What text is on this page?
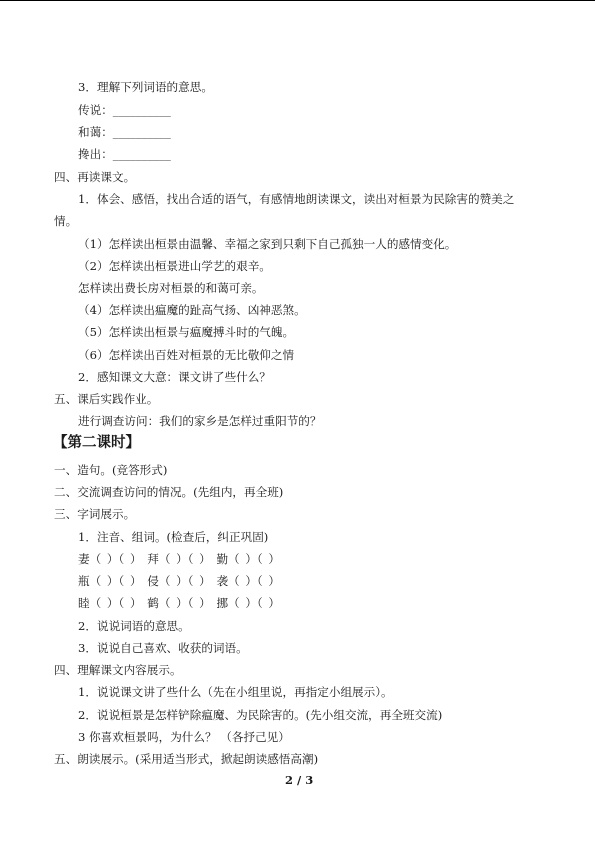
3．理解下列词语的意思。
传说：__________
和蔼：__________
搀出：__________
四、再读课文。
1．体会、感悟，找出合适的语气，有感情地朗读课文，读出对桓景为民除害的赞美之
情。
（1）怎样读出桓景由温馨、幸福之家到只剩下自己孤独一人的感情变化。
（2）怎样读出桓景进山学艺的艰辛。
怎样读出费长房对桓景的和蔼可亲。
（4）怎样读出瘟魔的趾高气扬、凶神恶煞。
（5）怎样读出桓景与瘟魔搏斗时的气魄。
（6）怎样读出百姓对桓景的无比敬仰之情
2．感知课文大意：课文讲了些什么？
五、课后实践作业。
进行调查访问：我们的家乡是怎样过重阳节的？
【第二课时】
一、造句。(竞答形式)
二、交流调查访问的情况。(先组内，再全班)
三、字词展示。
1．注音、组词。(检查后，纠正巩固)
妻（ ）（ ） 拜（ ）（ ） 勤（ ）（ ）
瓶（ ）（ ） 侵（ ）（ ） 袭（ ）（ ）
睦（ ）（ ） 鹤（ ）（ ） 挪（ ）（ ）
2．说说词语的意思。
3．说说自己喜欢、收获的词语。
四、理解课文内容展示。
1．说说课文讲了些什么（先在小组里说，再指定小组展示）。
2．说说桓景是怎样铲除瘟魔、为民除害的。(先小组交流，再全班交流)
3 你喜欢桓景吗，为什么？ （各抒己见）
五、朗读展示。(采用适当形式，掀起朗读感悟高潮)
2 / 3
